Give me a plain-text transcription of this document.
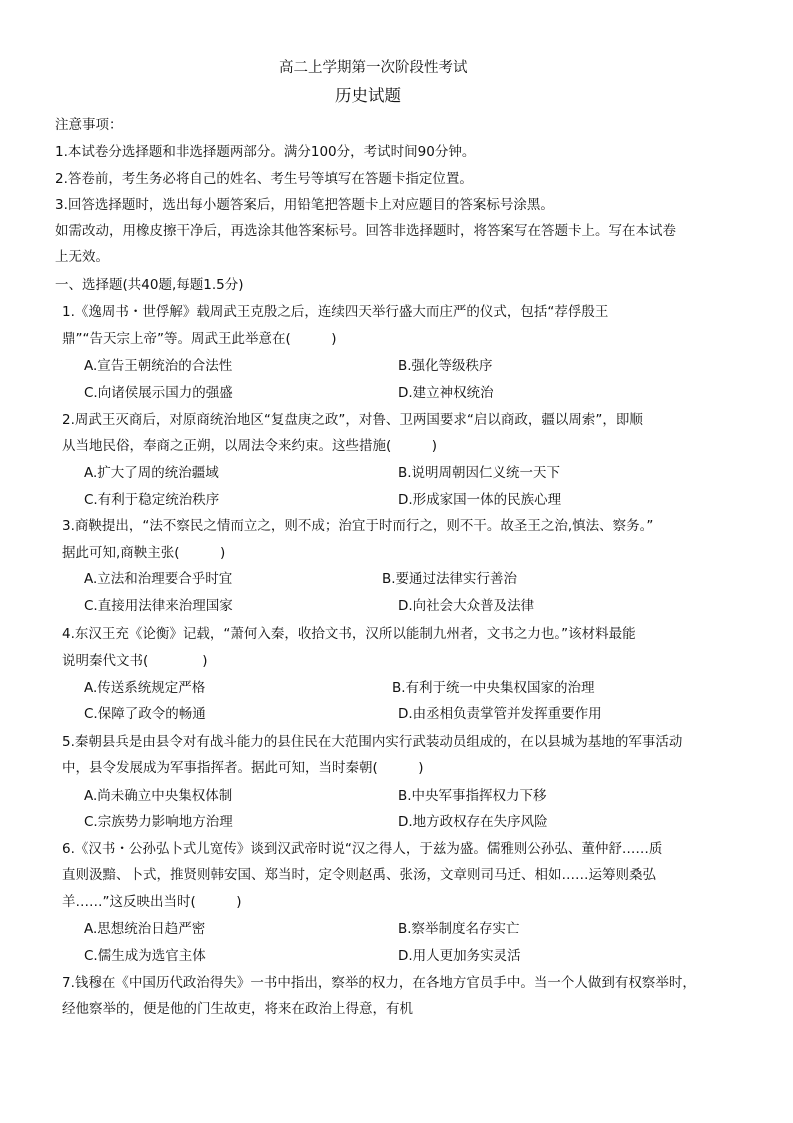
高二上学期第一次阶段性考试
历史试题
注意事项：
1.本试卷分选择题和非选择题两部分。满分100分，考试时间90分钟。
2.答卷前，考生务必将自己的姓名、考生号等填写在答题卡指定位置。
3.回答选择题时，选出每小题答案后，用铅笔把答题卡上对应题目的答案标号涂黑。
如需改动，用橡皮擦干净后，再选涂其他答案标号。回答非选择题时，将答案写在答题卡上。写在本试卷
上无效。
一、选择题(共40题,每题1.5分)
1.《逸周书・世俘解》载周武王克殷之后，连续四天举行盛大而庄严的仪式，包括“荐俘殷王
鼎”“告天宗上帝”等。周武王此举意在(　　　)
A.宣告王朝统治的合法性	B.强化等级秩序
C.向诸侯展示国力的强盛	D.建立神权统治
2.周武王灭商后，对原商统治地区“复盘庚之政”，对鲁、卫两国要求“启以商政，疆以周索”，即顺
从当地民俗，奉商之正朔，以周法令来约束。这些措施(　　　)
A.扩大了周的统治疆域	B.说明周朝因仁义统一天下
C.有利于稳定统治秩序	D.形成家国一体的民族心理
3.商鞅提出，“法不察民之情而立之，则不成；治宜于时而行之，则不干。故圣王之治,慎法、察务。”
据此可知,商鞅主张(　　　)
A.立法和治理要合乎时宜	B.要通过法律实行善治
C.直接用法律来治理国家	D.向社会大众普及法律
4.东汉王充《论衡》记载，“萧何入秦，收拾文书，汉所以能制九州者，文书之力也。”该材料最能
说明秦代文书(　　　　)
A.传送系统规定严格	B.有利于统一中央集权国家的治理
C.保障了政令的畅通	D.由丞相负责掌管并发挥重要作用
5.秦朝县兵是由县令对有战斗能力的县住民在大范围内实行武装动员组成的，在以县城为基地的军事活动
中，县令发展成为军事指挥者。据此可知，当时秦朝(　　　)
A.尚未确立中央集权体制	B.中央军事指挥权力下移
C.宗族势力影响地方治理	D.地方政权存在失序风险
6.《汉书・公孙弘卜式儿宽传》谈到汉武帝时说“汉之得人，于兹为盛。儒雅则公孙弘、董仲舒……质
直则汲黯、卜式，推贤则韩安国、郑当时，定令则赵禹、张汤，文章则司马迁、相如……运筹则桑弘
羊……”这反映出当时(　　　)
A.思想统治日趋严密	B.察举制度名存实亡
C.儒生成为选官主体	D.用人更加务实灵活
7.钱穆在《中国历代政治得失》一书中指出，察举的权力，在各地方官员手中。当一个人做到有权察举时，
经他察举的，便是他的门生故吏，将来在政治上得意，有机
